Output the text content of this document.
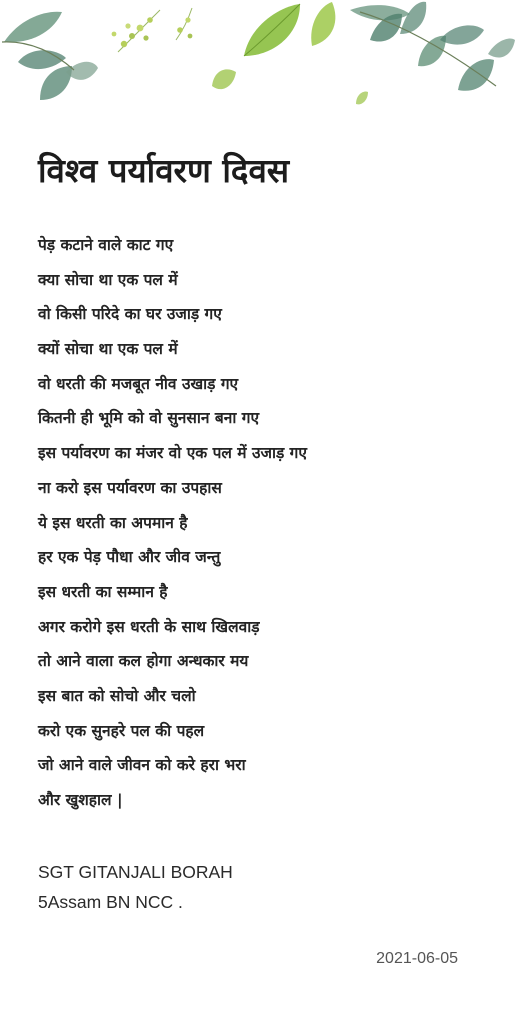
विश्व पर्यावरण दिवस
पेड़ कटाने वाले काट गए
क्या सोचा था एक पल में
वो किसी परिदे का घर उजाड़ गए
क्यों सोचा था एक पल में
वो धरती की मजबूत नीव उखाड़ गए
कितनी ही भूमि को वो सुनसान बना गए
इस पर्यावरण का मंजर वो एक पल में उजाड़ गए
ना करो इस पर्यावरण का उपहास
ये इस धरती का अपमान है
हर एक पेड़ पौधा और जीव जन्तु
इस धरती का सम्मान है
अगर करोगे इस धरती के साथ खिलवाड़
तो आने वाला कल होगा अन्धकार मय
इस बात को सोचो और चलो
करो एक सुनहरे पल की पहल
जो आने वाले जीवन को करे हरा भरा
और खुशहाल |
SGT GITANJALI BORAH
5Assam BN NCC .
2021-06-05
